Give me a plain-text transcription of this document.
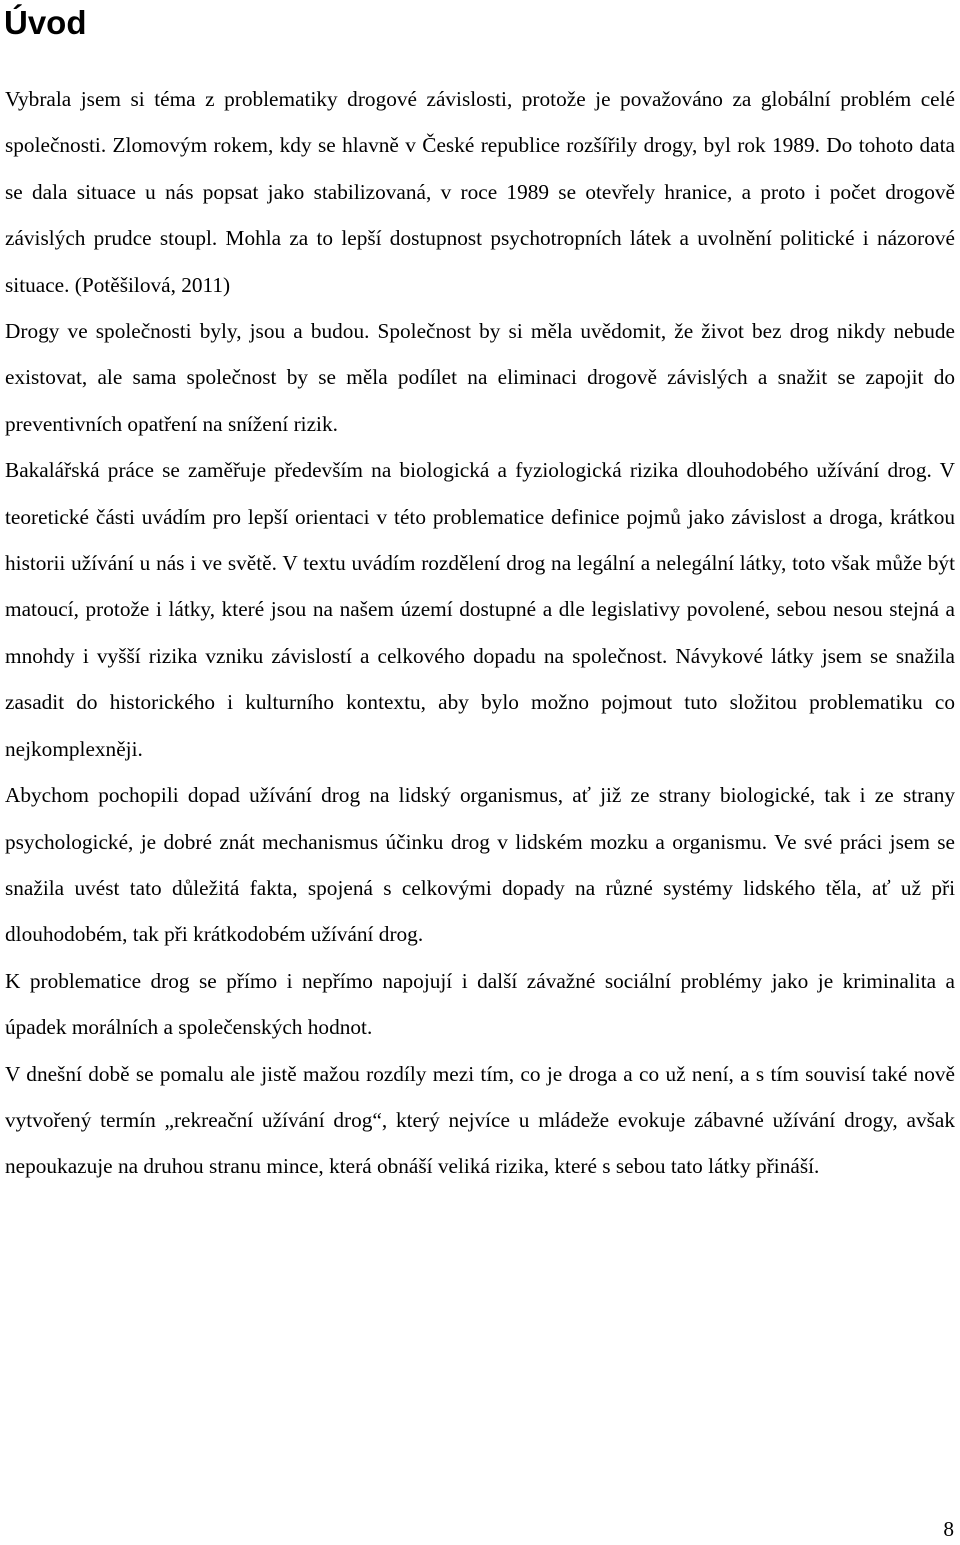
Úvod

Vybrala jsem si téma z problematiky drogové závislosti, protože je považováno za globální problém celé společnosti. Zlomovým rokem, kdy se hlavně v České republice rozšířily drogy, byl rok 1989. Do tohoto data se dala situace u nás popsat jako stabilizovaná, v roce 1989 se otevřely hranice, a proto i počet drogově závislých prudce stoupl. Mohla za to lepší dostupnost psychotropních látek a uvolnění politické i názorové situace. (Potěšilová, 2011)

Drogy ve společnosti byly, jsou a budou. Společnost by si měla uvědomit, že život bez drog nikdy nebude existovat, ale sama společnost by se měla podílet na eliminaci drogově závislých a snažit se zapojit do preventivních opatření na snížení rizik.

Bakalářská práce se zaměřuje především na biologická a fyziologická rizika dlouhodobého užívání drog. V teoretické části uvádím pro lepší orientaci v této problematice definice pojmů jako závislost a droga, krátkou historii užívání u nás i ve světě. V textu uvádím rozdělení drog na legální a nelegální látky, toto však může být matoucí, protože i látky, které jsou na našem území dostupné a dle legislativy povolené, sebou nesou stejná a mnohdy i vyšší rizika vzniku závislostí a celkového dopadu na společnost. Návykové látky jsem se snažila zasadit do historického i kulturního kontextu, aby bylo možno pojmout tuto složitou problematiku co nejkomplexněji.

Abychom pochopili dopad užívání drog na lidský organismus, ať již ze strany biologické, tak i ze strany psychologické, je dobré znát mechanismus účinku drog v lidském mozku a organismu. Ve své práci jsem se snažila uvést tato důležitá fakta, spojená s celkovými dopady na různé systémy lidského těla, ať už při dlouhodobém, tak při krátkodobém užívání drog.

K problematice drog se přímo i nepřímo napojují i další závažné sociální problémy jako je kriminalita a úpadek morálních a společenských hodnot.

V dnešní době se pomalu ale jistě mažou rozdíly mezi tím, co je droga a co už není, a s tím souvisí také nově vytvořený termín „rekreační užívání drog“, který nejvíce u mládeže evokuje zábavné užívání drogy, avšak nepoukazuje na druhou stranu mince, která obnáší veliká rizika, které s sebou tato látky přináší.

8
